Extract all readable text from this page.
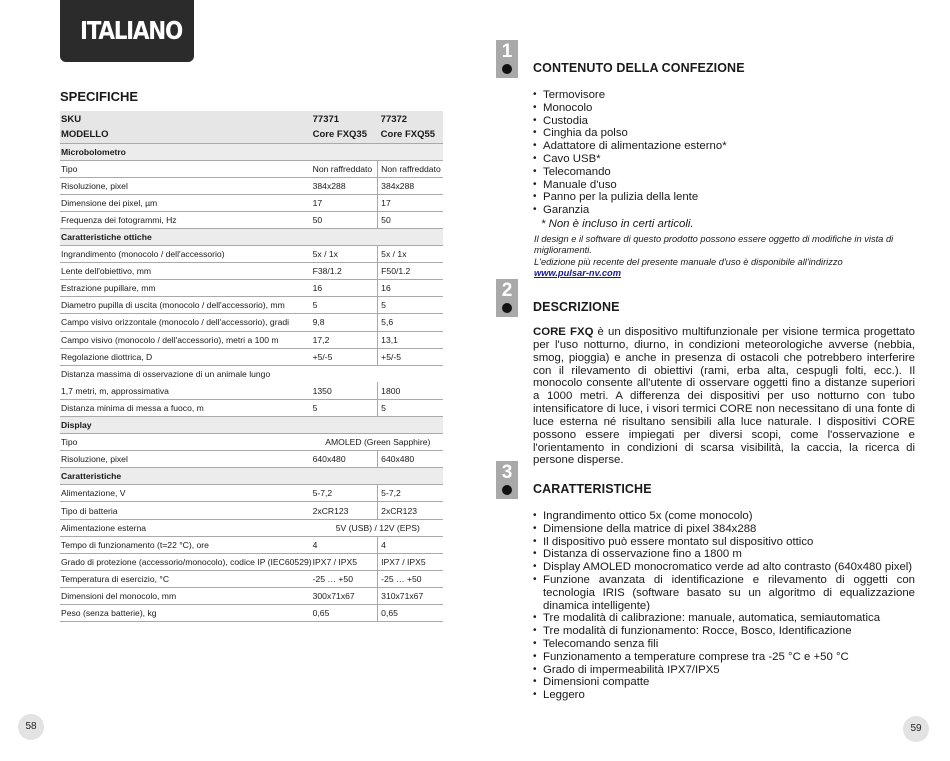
ITALIANO
SPECIFICHE
SKU	77371	77372
MODELLO	Core FXQ35	Core FXQ55
Microbolometro		
Tipo	Non raffreddato	Non raffreddato
Risoluzione, pixel	384x288	384x288
Dimensione dei pixel, µm	17	17
Frequenza dei fotogrammi, Hz	50	50
Caratteristiche ottiche		
Ingrandimento (monocolo / dell'accessorio)	5x / 1x	5x / 1x
Lente dell'obiettivo, mm	F38/1.2	F50/1.2
Estrazione pupillare, mm	16	16
Diametro pupilla di uscita (monocolo / dell'accessorio), mm	5	5
Campo visivo orizzontale (monocolo / dell'accessorio), gradi	9,8	5,6
Campo visivo (monocolo / dell'accessorio), metri a 100 m	17,2	13,1
Regolazione diottrica, D	+5/-5	+5/-5
Distanza massima di osservazione di un animale lungo		
1,7 metri, m, approssimativa	1350	1800
Distanza minima di messa a fuoco, m	5	5
Display		
Tipo	AMOLED (Green Sapphire)	
Risoluzione, pixel	640x480	640x480
Caratteristiche		
Alimentazione, V	5-7,2	5-7,2
Tipo di batteria	2xCR123	2xCR123
Alimentazione esterna	5V (USB) / 12V (EPS)	
Tempo di funzionamento (t=22 °C), ore	4	4
Grado di protezione (accessorio/monocolo), codice IP (IEC60529)	IPX7 / IPX5	IPX7 / IPX5
Temperatura di esercizio, °C	-25 … +50	-25 … +50
Dimensioni del monocolo, mm	300x71x67	310x71x67
Peso (senza batterie), kg	0,65	0,65
58
1
CONTENUTO DELLA CONFEZIONE
• Termovisore
• Monocolo
• Custodia
• Cinghia da polso
• Adattatore di alimentazione esterno*
• Cavo USB*
• Telecomando
• Manuale d'uso
• Panno per la pulizia della lente
• Garanzia
* Non è incluso in certi articoli.
Il design e il software di questo prodotto possono essere oggetto di modifiche in vista di miglioramenti.
L'edizione più recente del presente manuale d'uso è disponibile all'indirizzo
www.pulsar-nv.com
2
DESCRIZIONE
CORE FXQ è un dispositivo multifunzionale per visione termica progettato per l'uso notturno, diurno, in condizioni meteorologiche avverse (nebbia, smog, pioggia) e anche in presenza di ostacoli che potrebbero interferire con il rilevamento di obiettivi (rami, erba alta, cespugli folti, ecc.). Il monocolo consente all'utente di osservare oggetti fino a distanze superiori a 1000 metri. A differenza dei dispositivi per uso notturno con tubo intensificatore di luce, i visori termici CORE non necessitano di una fonte di luce esterna né risultano sensibili alla luce naturale. I dispositivi CORE possono essere impiegati per diversi scopi, come l'osservazione e l'orientamento in condizioni di scarsa visibilità, la caccia, la ricerca di persone disperse.
3
CARATTERISTICHE
• Ingrandimento ottico 5x (come monocolo)
• Dimensione della matrice di pixel 384x288
• Il dispositivo può essere montato sul dispositivo ottico
• Distanza di osservazione fino a 1800 m
• Display AMOLED monocromatico verde ad alto contrasto (640x480 pixel)
• Funzione avanzata di identificazione e rilevamento di oggetti con tecnologia IRIS (software basato su un algoritmo di equalizzazione dinamica intelligente)
• Tre modalità di calibrazione: manuale, automatica, semiautomatica
• Tre modalità di funzionamento: Rocce, Bosco, Identificazione
• Telecomando senza fili
• Funzionamento a temperature comprese tra -25 °C e +50 °C
• Grado di impermeabilità IPX7/IPX5
• Dimensioni compatte
• Leggero
59
